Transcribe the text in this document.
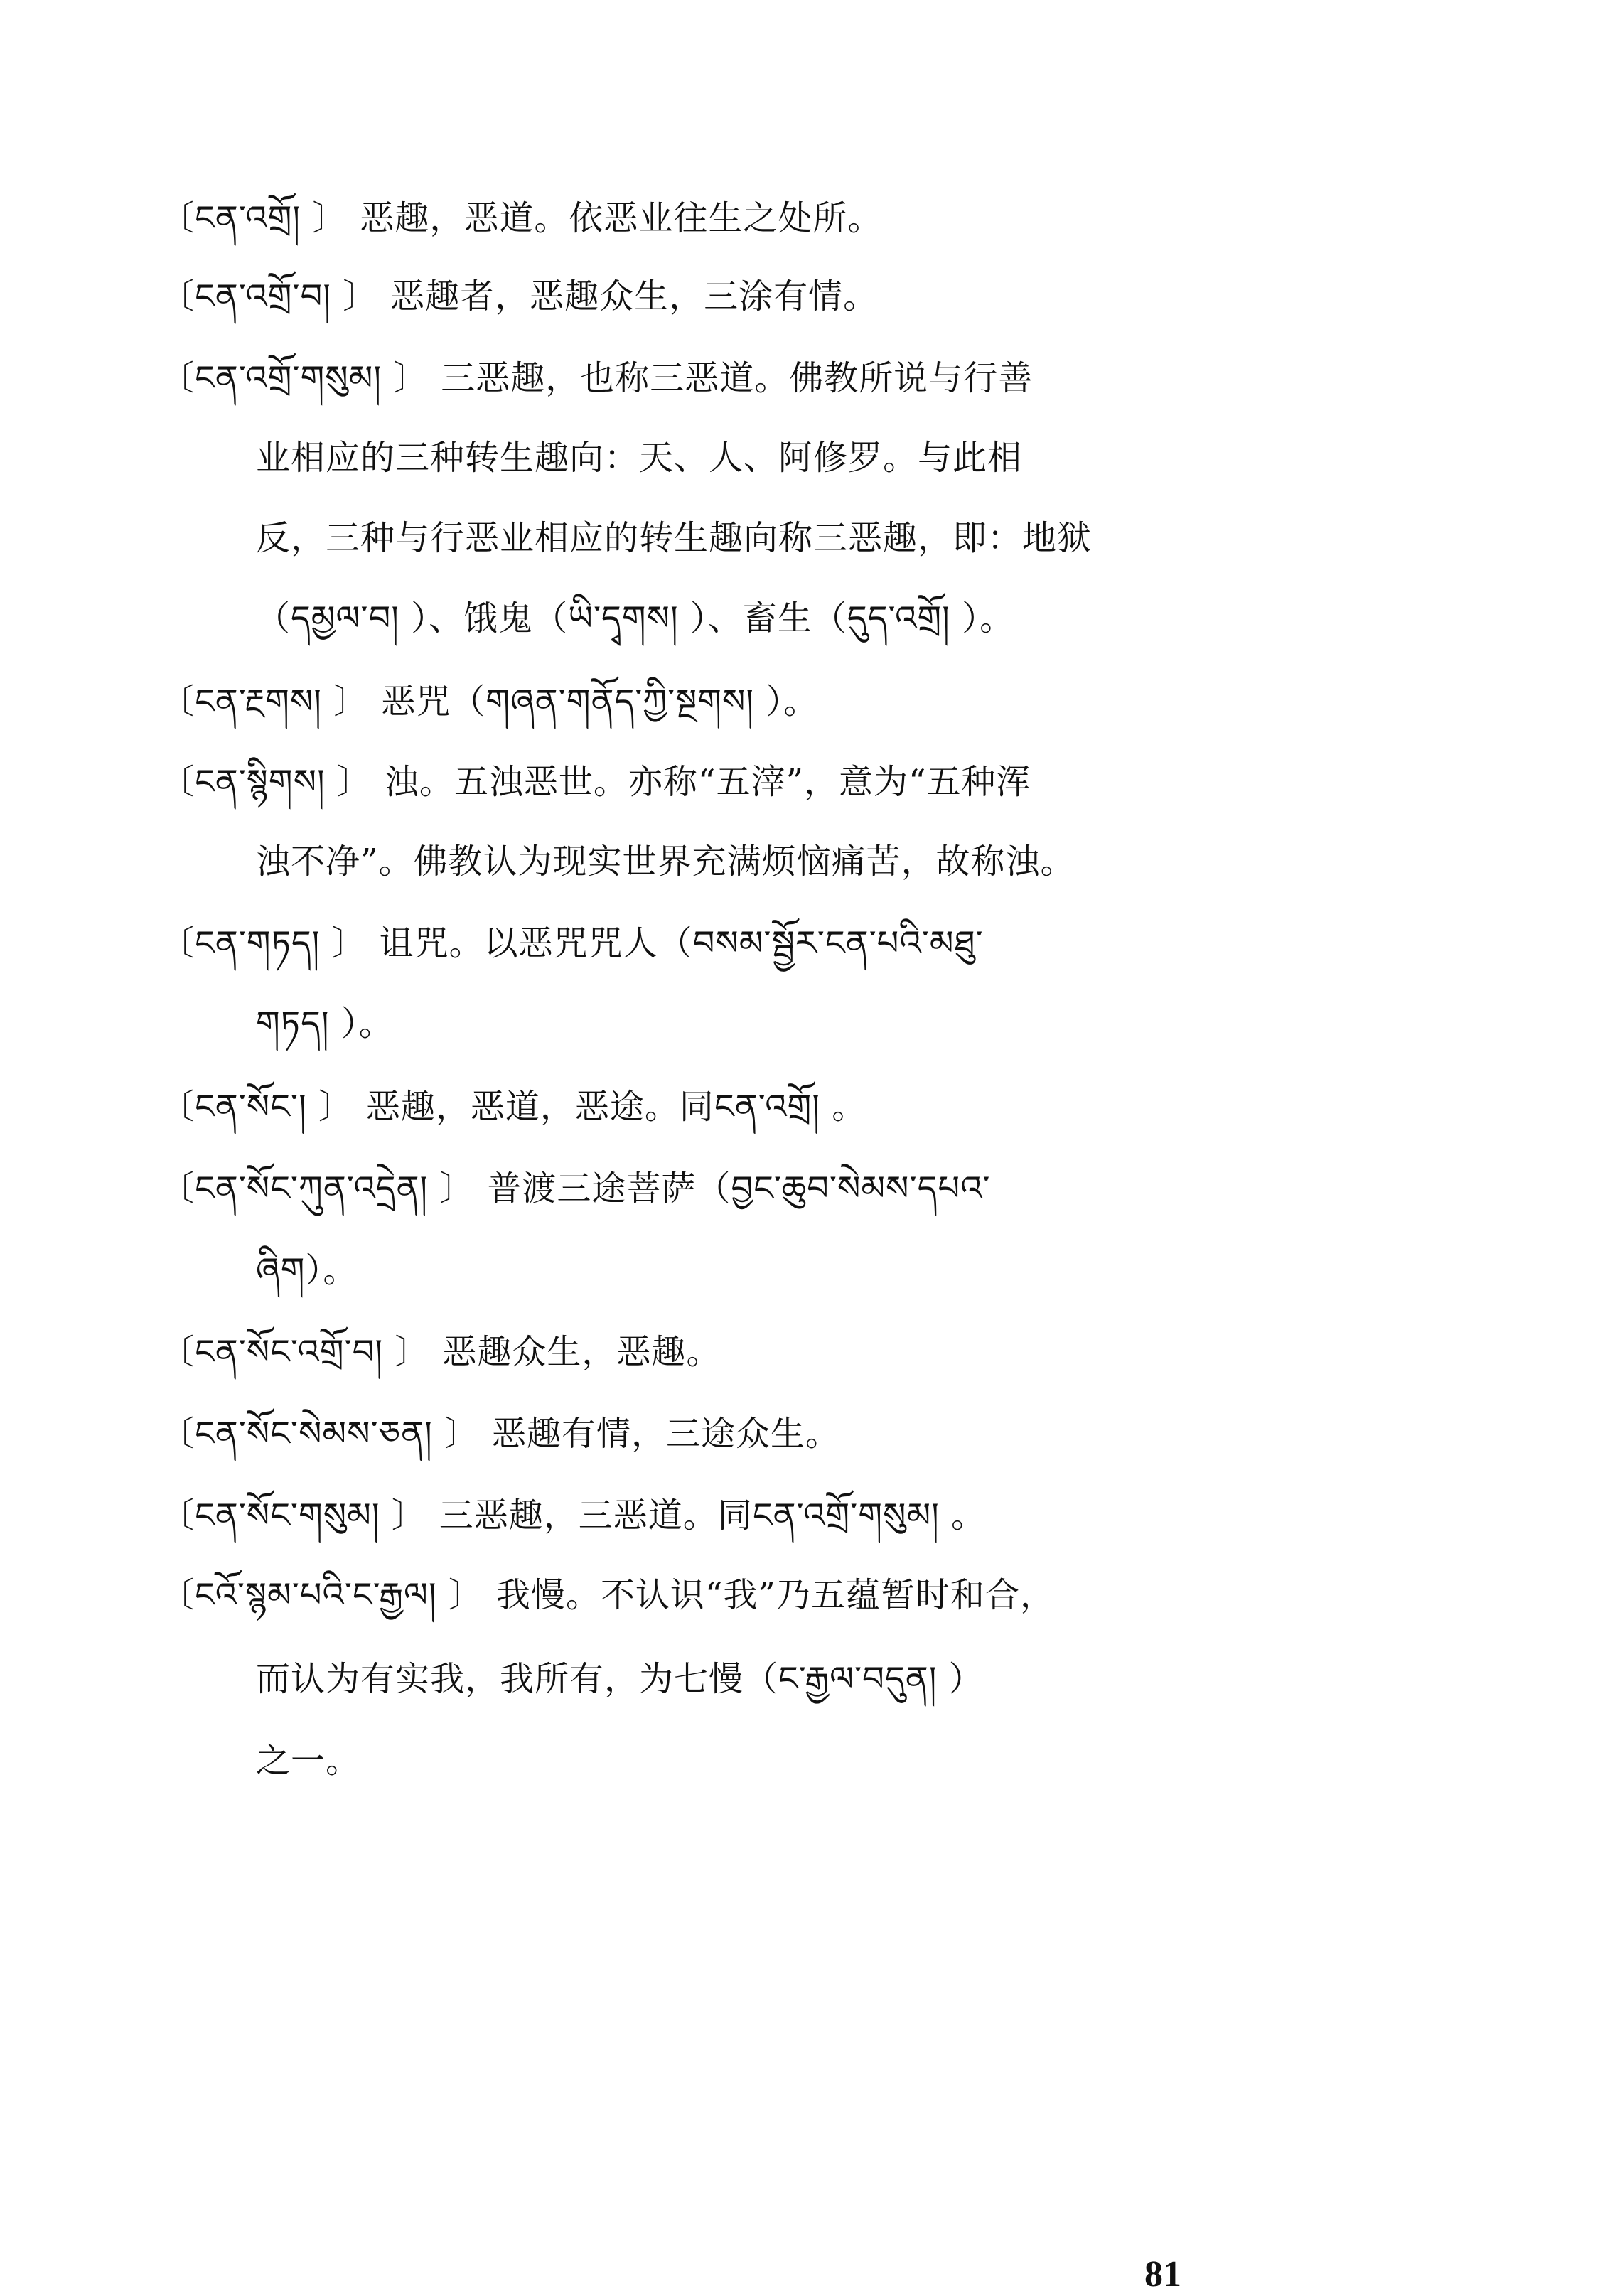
〔ངན་འགྲོ། 〕 恶趣，恶道。依恶业往生之处所。
〔ངན་འགྲོ་བ། 〕 恶趣者，恶趣众生，三涂有情。
〔ངན་འགྲོ་གསུམ། 〕 三恶趣，也称三恶道。佛教所说与行善
业相应的三种转生趣向：天、人、阿修罗。与此相
反，三种与行恶业相应的转生趣向称三恶趣，即：地狱
（དམྱལ་བ། ）、饿鬼（ཡི་དྭགས། ）、畜生（དུད་འགྲོ། ）。
〔ངན་རྔགས། 〕 恶咒（གཞན་གནོད་ཀྱི་སྔགས། ）。
〔ངན་སྙིགས། 〕 浊。五浊恶世。亦称“五滓”，意为“五种浑
浊不净”。佛教认为现实世界充满烦恼痛苦，故称浊。
〔ངན་གཏད། 〕 诅咒。以恶咒咒人（བསམ་སྦྱོར་ངན་པའི་མཐུ་
གཏད། ）。
〔ངན་སོང་། 〕 恶趣，恶道，恶途。同ངན་འགྲོ། 。
〔ངན་སོང་ཀུན་འདྲེན། 〕 普渡三途菩萨（བྱང་ཆུབ་སེམས་དཔའ་
ཞིག）。
〔ངན་སོང་འགྲོ་བ། 〕 恶趣众生，恶趣。
〔ངན་སོང་སེམས་ཅན། 〕 恶趣有情，三途众生。
〔ངན་སོང་གསུམ། 〕 三恶趣，三恶道。同ངན་འགྲོ་གསུམ། 。
〔ངའོ་སྙམ་པའི་ང་རྒྱལ། 〕 我慢。不认识“我”乃五蕴暂时和合，
而认为有实我，我所有，为七慢（ང་རྒྱལ་བདུན། ）
之一。
81
